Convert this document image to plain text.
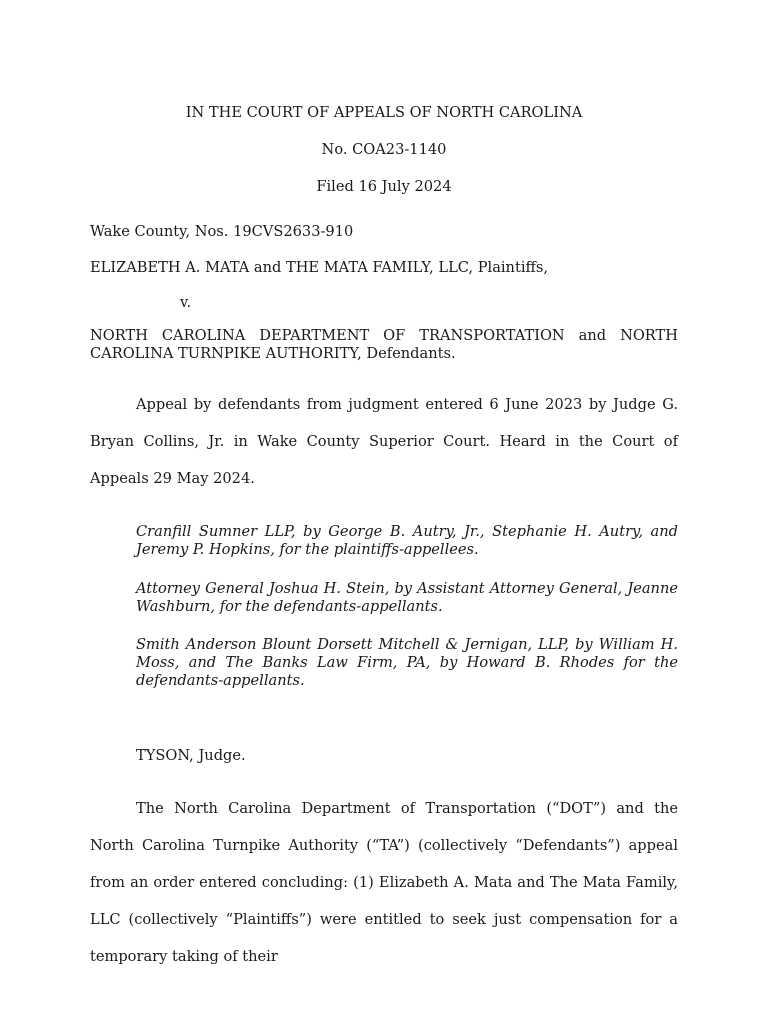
IN THE COURT OF APPEALS OF NORTH CAROLINA
No. COA23-1140
Filed 16 July 2024
Wake County, Nos. 19CVS2633-910
ELIZABETH A. MATA and THE MATA FAMILY, LLC, Plaintiffs,
v.
NORTH CAROLINA DEPARTMENT OF TRANSPORTATION and NORTH CAROLINA TURNPIKE AUTHORITY, Defendants.
Appeal by defendants from judgment entered 6 June 2023 by Judge G. Bryan Collins, Jr. in Wake County Superior Court. Heard in the Court of Appeals 29 May 2024.
Cranfill Sumner LLP, by George B. Autry, Jr., Stephanie H. Autry, and Jeremy P. Hopkins, for the plaintiffs-appellees.
Attorney General Joshua H. Stein, by Assistant Attorney General, Jeanne Washburn, for the defendants-appellants.
Smith Anderson Blount Dorsett Mitchell & Jernigan, LLP, by William H. Moss, and The Banks Law Firm, PA, by Howard B. Rhodes for the defendants-appellants.
TYSON, Judge.
The North Carolina Department of Transportation (“DOT”) and the North Carolina Turnpike Authority (“TA”) (collectively “Defendants”) appeal from an order entered concluding: (1) Elizabeth A. Mata and The Mata Family, LLC (collectively “Plaintiffs”) were entitled to seek just compensation for a temporary taking of their
